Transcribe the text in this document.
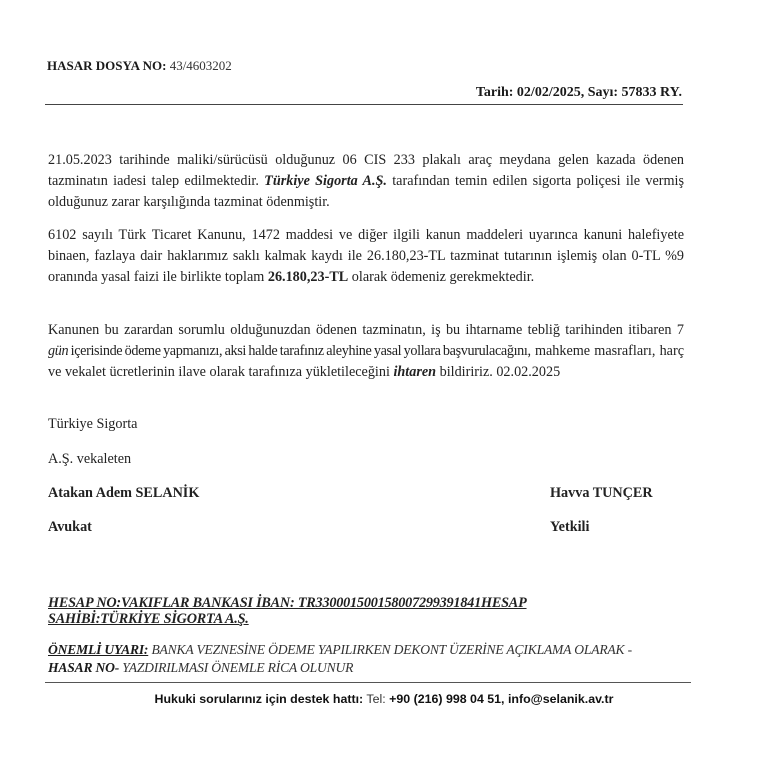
HASAR DOSYA NO: 43/4603202
Tarih: 02/02/2025, Sayı: 57833 RY.
21.05.2023 tarihinde maliki/sürücüsü olduğunuz 06 CIS 233 plakalı araç meydana gelen kazada ödenen tazminatın iadesi talep edilmektedir. Türkiye Sigorta A.Ş. tarafından temin edilen sigorta poliçesi ile vermiş olduğunuz zarar karşılığında tazminat ödenmiştir.
6102 sayılı Türk Ticaret Kanunu, 1472 maddesi ve diğer ilgili kanun maddeleri uyarınca kanuni halefiyete binaen, fazlaya dair haklarımız saklı kalmak kaydı ile 26.180,23-TL tazminat tutarının işlemiş olan 0-TL %9 oranında yasal faizi ile birlikte toplam 26.180,23-TL olarak ödemeniz gerekmektedir.
Kanunen bu zarardan sorumlu olduğunuzdan ödenen tazminatın, iş bu ihtarname tebliğ tarihinden itibaren 7 gün içerisinde ödeme yapmanızı, aksi halde tarafınız aleyhine yasal yollara başvurulacağını, mahkeme masrafları, harç ve vekalet ücretlerinin ilave olarak tarafınıza yükletileceğini ihtaren bildiririz. 02.02.2025
Türkiye Sigorta
A.Ş. vekaleten
Atakan Adem SELANİK
Avukat
Havva TUNÇER
Yetkili
HESAP NO:VAKIFLAR BANKASI İBAN: TR330001500158007299391841HESAP SAHİBİ:TÜRKİYE SİGORTA A.Ş.
ÖNEMLİ UYARI: BANKA VEZNESİNE ÖDEME YAPILIRKEN DEKONT ÜZERİNE AÇIKLAMA OLARAK -
HASAR NO- YAZDIRILMASI ÖNEMLE RİCA OLUNUR
Hukuki sorularınız için destek hattı: Tel: +90 (216) 998 04 51, info@selanik.av.tr
